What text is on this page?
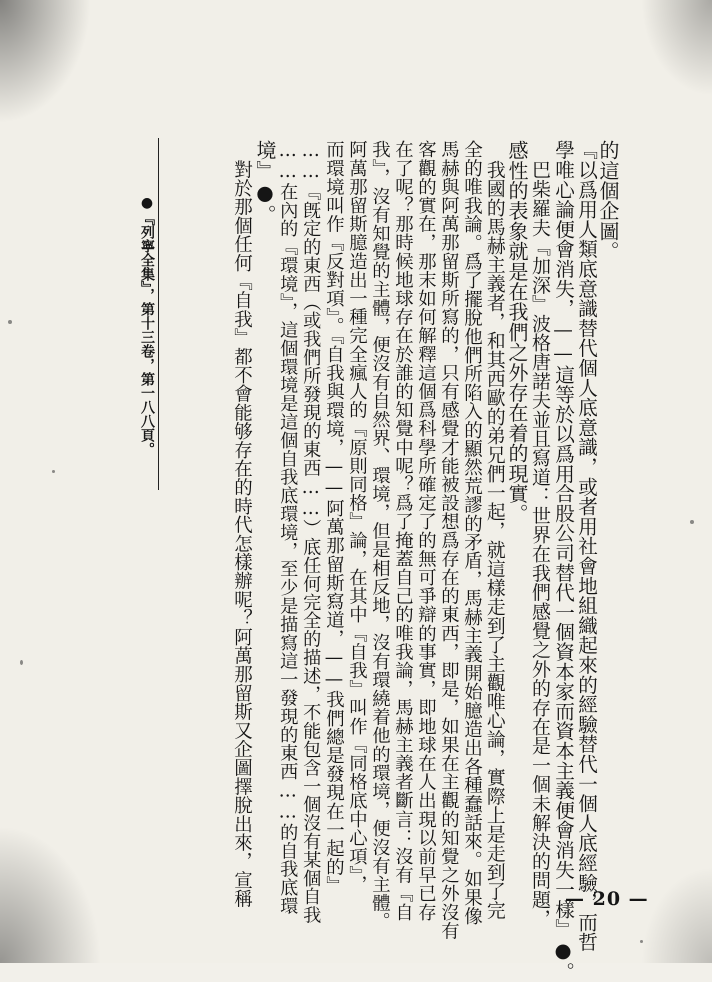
的這個企圖。
『以爲用人類底意識替代個人底意識，或者用社會地組織起來的經驗替代一個人底經驗，而哲
學唯心論便會消失，——這等於以爲用合股公司替代一個資本家而資本主義便會消失一樣』●。
巴柴羅夫『加深』波格唐諾夫並且寫道：世界在我們感覺之外的存在是一個未解決的問題，
感性的表象就是在我們之外存在着的現實。
我國的馬赫主義者，和其西歐的弟兄們一起，就這樣走到了主觀唯心論，實際上是走到了完
全的唯我論。爲了擺脫他們所陷入的顯然荒謬的矛盾，馬赫主義開始臆造出各種蠢話來。如果像
馬赫與阿萬那留斯所寫的，只有感覺才能被設想爲存在的東西，即是，如果在主觀的知覺之外沒有
客觀的實在，那末如何解釋這個爲科學所確定了的無可爭辯的事實，即地球在人出現以前早已存
在了呢？那時候地球存在於誰的知覺中呢？爲了掩蓋自己的唯我論，馬赫主義者斷言：沒有『自
我』，沒有知覺的主體，便沒有自然界、環境，但是相反地，沒有環繞着他的環境，便沒有主體。
阿萬那留斯臆造出一種完全瘋人的『原則同格』論，在其中『自我』叫作『同格底中心項』，
而環境叫作『反對項』。『自我與環境，——阿萬那留斯寫道，——我們總是發現在一起的』
……『旣定的東西（或我們所發現的東西……）底任何完全的描述，不能包含一個沒有某個自我
……在內的『環境』，這個環境是這個自我底環境，至少是描寫這一發現的東西……的自我底環
境』●。
對於那個任何『自我』都不會能够存在的時代怎樣辦呢？阿萬那留斯又企圖擇脫出來，宣稱
●『列寧全集』，第十三卷，第一八八頁。
— 20 —
